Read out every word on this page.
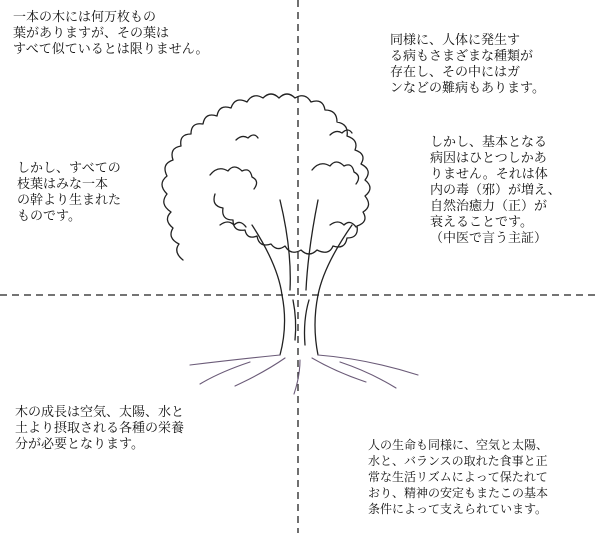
一本の木には何万枚もの
葉がありますが、その葉は
すべて似ているとは限りません。

同様に、人体に発生す
る病もさまざまな種類が
存在し、その中にはガ
ンなどの難病もあります。

しかし、すべての
枝葉はみな一本
の幹より生まれた
ものです。

しかし、基本となる
病因はひとつしかあ
りません。それは体
内の毒（邪）が増え、
自然治癒力（正）が
衰えることです。
（中医で言う主証）

木の成長は空気、太陽、水と
土より摂取される各種の栄養
分が必要となります。	人の生命も同様に、空気と太陽、
水と、バランスの取れた食事と正
常な生活リズムによって保たれて
おり、精神の安定もまたこの基本
条件によって支えられています。
